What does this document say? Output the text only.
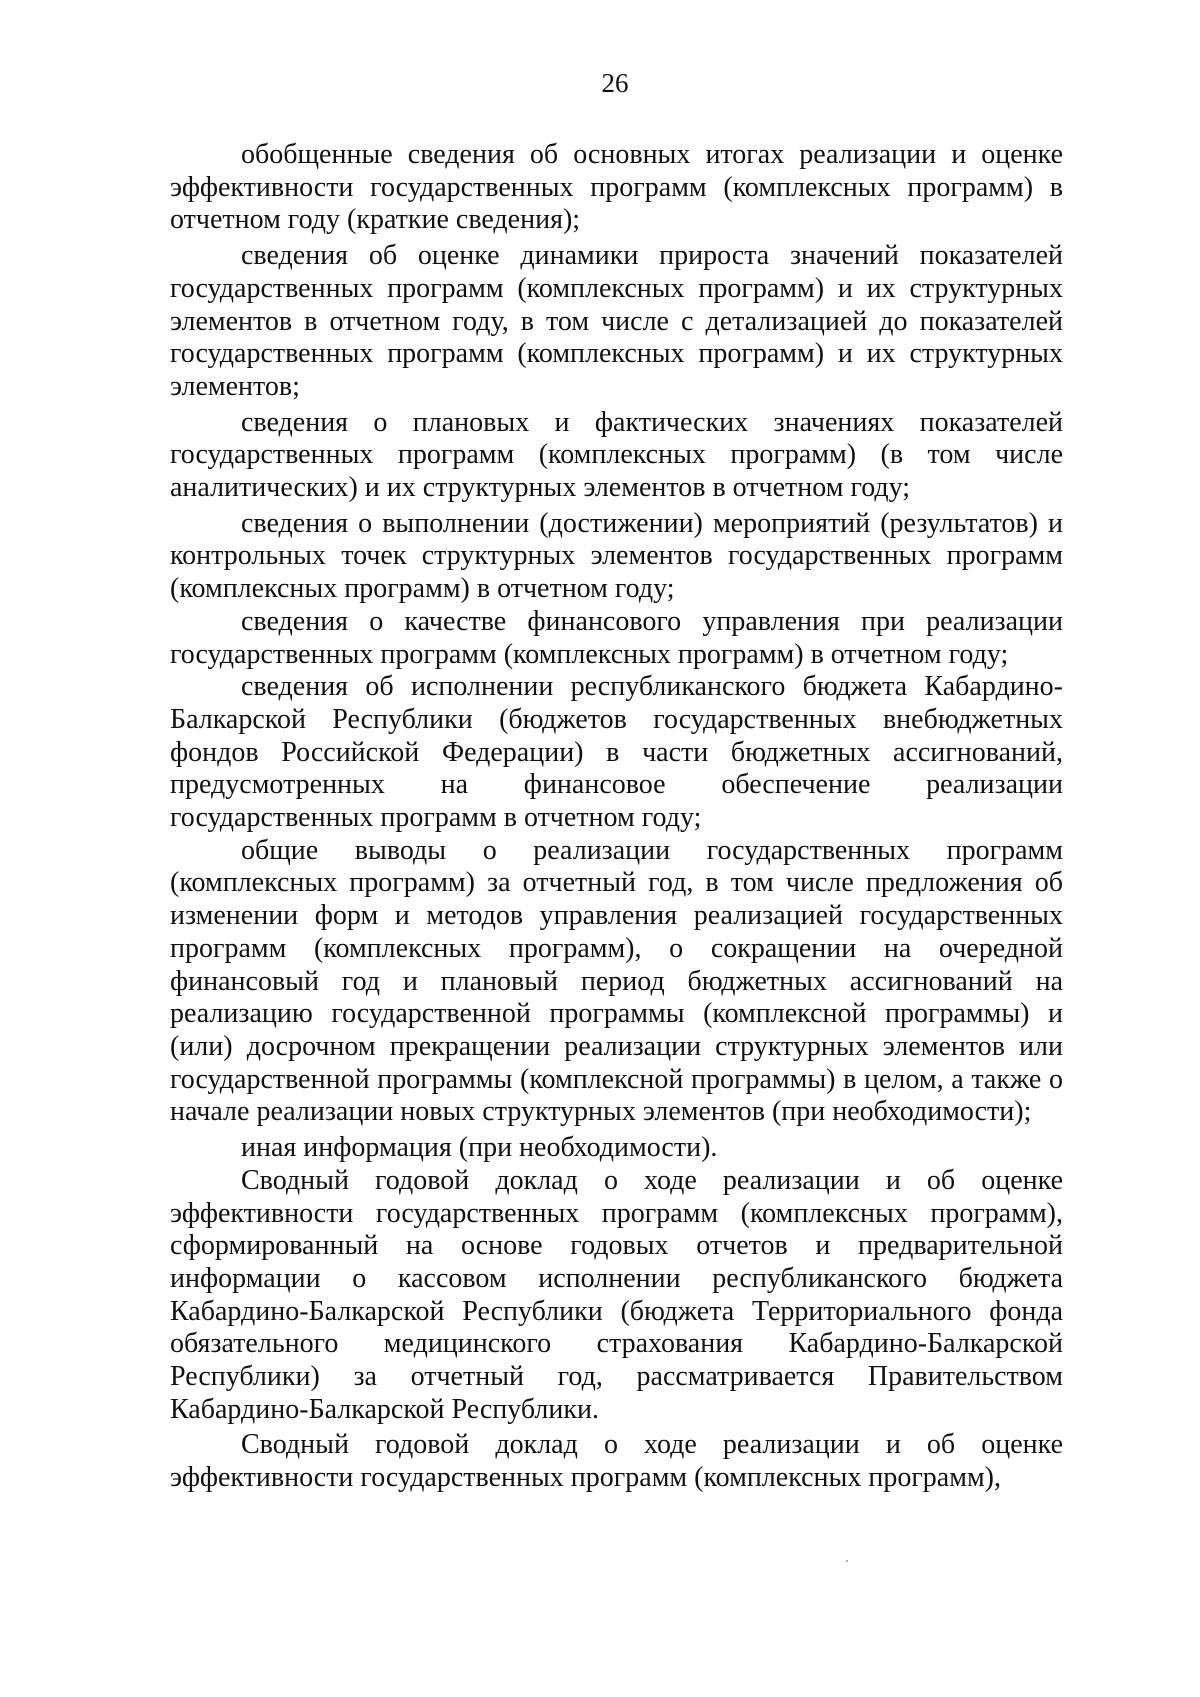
26

обобщенные сведения об основных итогах реализации и оценке эффективности государственных программ (комплексных программ) в отчетном году (краткие сведения);

сведения об оценке динамики прироста значений показателей государственных программ (комплексных программ) и их структурных элементов в отчетном году, в том числе с детализацией до показателей государственных программ (комплексных программ) и их структурных элементов;

сведения о плановых и фактических значениях показателей государственных программ (комплексных программ) (в том числе аналитических) и их структурных элементов в отчетном году;

сведения о выполнении (достижении) мероприятий (результатов) и контрольных точек структурных элементов государственных программ (комплексных программ) в отчетном году;

сведения о качестве финансового управления при реализации государственных программ (комплексных программ) в отчетном году;

сведения об исполнении республиканского бюджета Кабардино-Балкарской Республики (бюджетов государственных внебюджетных фондов Российской Федерации) в части бюджетных ассигнований, предусмотренных на финансовое обеспечение реализации государственных программ в отчетном году;

общие выводы о реализации государственных программ (комплексных программ) за отчетный год, в том числе предложения об изменении форм и методов управления реализацией государственных программ (комплексных программ), о сокращении на очередной финансовый год и плановый период бюджетных ассигнований на реализацию государственной программы (комплексной программы) и (или) досрочном прекращении реализации структурных элементов или государственной программы (комплексной программы) в целом, а также о начале реализации новых структурных элементов (при необходимости);

иная информация (при необходимости).

Сводный годовой доклад о ходе реализации и об оценке эффективности государственных программ (комплексных программ), сформированный на основе годовых отчетов и предварительной информации о кассовом исполнении республиканского бюджета Кабардино-Балкарской Республики (бюджета Территориального фонда обязательного медицинского страхования Кабардино-Балкарской Республики) за отчетный год, рассматривается Правительством Кабардино-Балкарской Республики.

Сводный годовой доклад о ходе реализации и об оценке эффективности государственных программ (комплексных программ),
